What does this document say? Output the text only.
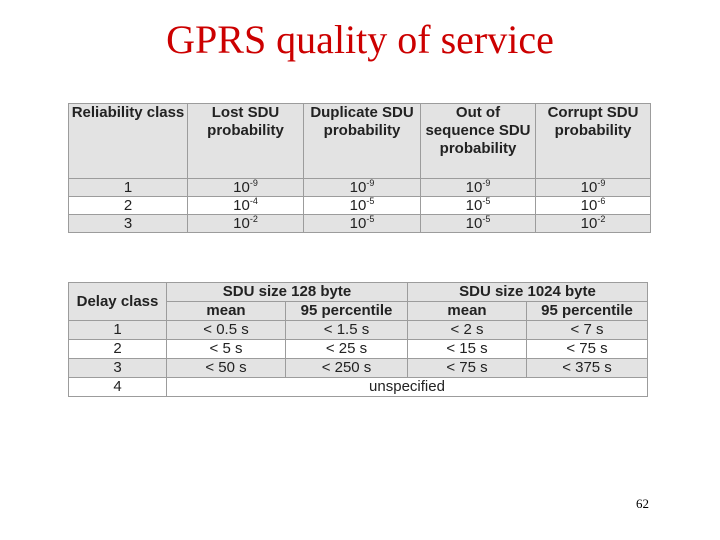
GPRS quality of service
Reliability class	Lost SDU probability	Duplicate SDU probability	Out of sequence SDU probability	Corrupt SDU probability
1	$10^{-9}$	$10^{-9}$	$10^{-9}$	$10^{-9}$
2	$10^{-4}$	$10^{-5}$	$10^{-5}$	$10^{-6}$
3	$10^{-2}$	$10^{-5}$	$10^{-5}$	$10^{-2}$
Delay class	SDU size 128 byte		SDU size 1024 byte	
	mean	95 percentile	mean	95 percentile
1	< 0.5 s	< 1.5 s	< 2 s	< 7 s
2	< 5 s	< 25 s	< 15 s	< 75 s
3	< 50 s	< 250 s	< 75 s	< 375 s
4	unspecified			
62
